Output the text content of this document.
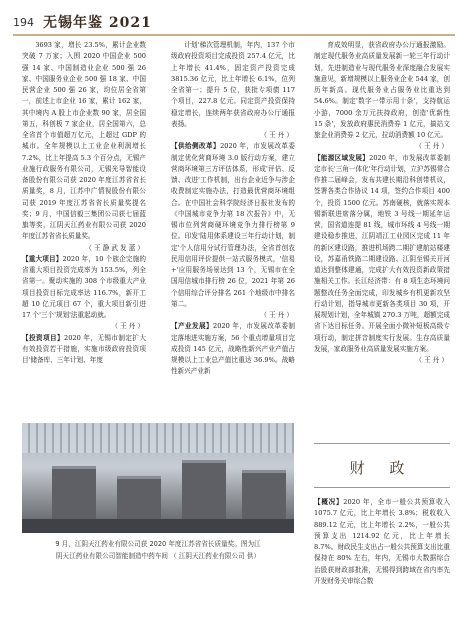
194 无锡年鉴 2021

3693 家，增长 23.5%，累计企业数突破 7 万家；入围 2020 中国企业 500 强 14 家、中国制造业企业 500 强 26 家、中国服务业企业 500 强 18 家、中国民营企业 500 强 26 家，均位居全省第一，前述上市企业 16 家，累计 162 家，其中境内 A 股上市企业数 90 家，居全国第五，科创板 7 家企业，居全国第六，总全省首个市值超万亿元，上超过 GDP 的城市。全年规模以上工业企业利润增长 7.2%，比上年提高 5.3 个百分点，无锡产业施行政服务有限公司，无锡光导智能设备股份有限公司获 2020 年度江苏省省长质量奖，8 月，江苏中广情视股份有限公司获 2019 年度江苏省省长质量奖提名奖；9 月，中国信毅三集团公司获七届蓝旗等奖，江阴天江药业有限公司获 2020 年度江苏省省长质量奖。

（ 王 静 武 发 蓝 ）

【重大项目】2020 年，10 个族企完施的省重大项目投资完成率为 153.5%，列全省第一。聚动实施的 308 个市级重大产业项目投资目标完成率达 116.7%，新开工超 10 亿元项目 67 个，重大项目新引进 17 个'三个'规划'法重起动就。

（ 王 丹 ）

【投资项目】2020 年，无锡市制定扩大有效投资若干措施，实施市级政府投资项目'储备库、三年计划、年度

计划'梯次管理机制，年内，137 个市级政府投资项目完成投资 257.4 亿元，比上年增长 41.4%，固定资产投资完成 3815.36 亿元，比上年增长 6.1%，位列全省第一；提升 5 位，获批专项债 117 个项目，227.8 亿元。同定资产投资保持稳定增长，连续两年获省政府办公厅通报表扬。

（ 王 丹 ）

【供给侧改革】2020 年，市发展改革委制定优化营商环境 3.0 版行动方案，建立营商环境第三方评估体系，形成'评估、反馈、改进'工作机制，出台企业近争与涉企收费制定实施办法，打造最优营商环境组合。在中国社会科学院经济日报社发布的《中国城市竞争力第 18 次报告》中，无锡市位列营商硬环境竞争力排行榜第 9 位。印发'陆用体系建设三年行动计划，制定'个人信用分试行管理办法，全省首创农民用信用评价提供一站式服务模式，'信易+'应用服务场景达到 13 个，无锡市在全国用信城市排行榜 26 位，2021 年第 26 个信用综合评分排名 261 个地级市中排名第二。

（ 王 丹 ）

【产业发展】2020 年，市发展改革委制定落地进实施方案，56 个重点增量项目完成投资 145 亿元，战略性新兴产业产值占规模以上工业总产值比重达 36.9%。战略性新兴产业新

育成效明显，获省政府办公厅通报激励。制定现代服务业高质量发展新一轮三年行动计划，先进制造业与现代服务业深度融合发展实施意见，新增规模以上服务业企业 544 家，创历年新高。现代服务业占服务业比重达到 54.6%。制定'数字一带示用十条'，支持航运小游，7000 余万元扶持政府，创造'优新性 15 条'，发放政府惠民消费券 1 亿元，搞站文旅企业消费券 2 亿元，拉动消费额 10 亿元。

（ 王 丹 ）

【能源区域发展】2020 年，市发展改革委制定市长'三角一体化'年行动计划，立沪苏锡常合作推二届峰会，发布共建长期沿科创带机议，签署各类合作协议 14 项，签约合作项目 400 个，投资 1500 亿元。苏南硬核，就落实规本锡新联进席落分属，地铁 3 号线一期延年运营，国省道连提 81 线，城市环线 4 号线一期建设稳步推进，江阴靖江工业园区完成 11 年的新区建设路，推进机场跨二期扩建航站楼建设，苏嘉甬铁路二期建设路、江阴至锡关开河道达到整体建通，完成扩大有效投资新政策措施相关工作。长江经济带：有 8 项生态环境问题整改任务全面完成，印发城乡有机更新攻坚行动计划，指导城市更新各类项目 30 项，开展规划计划，全年城镇 270.3 万吨，超额完成省下达目标任务。开展全面小微补短板高级专项行动，制定拼音制度实行发展。生存高质量发展，家政服务业高质量发展实施方案。

（ 王 丹 ）
9 月，江阴天江药业有限公司获 2020 年度江苏省省长质量奖。图为江
阴天江药业有限公司智能制造中药车间 （ 江阴天江药业有限公司 供）
财 政

【概况】2020 年，全市一般公共预算收入 1075.7 亿元，比上年增长 3.8%；税收收入 889.12 亿元，比上年增长 2.2%，一般公共预算支出 1214.92 亿元，比上年增长 8.7%。财政民生支出占一般公共预算支出比重保持在 80% 左右，年内，无锡市大数据综合治股获财政部批准，无锡得到跨域在省内率先开发财务关审综合数
